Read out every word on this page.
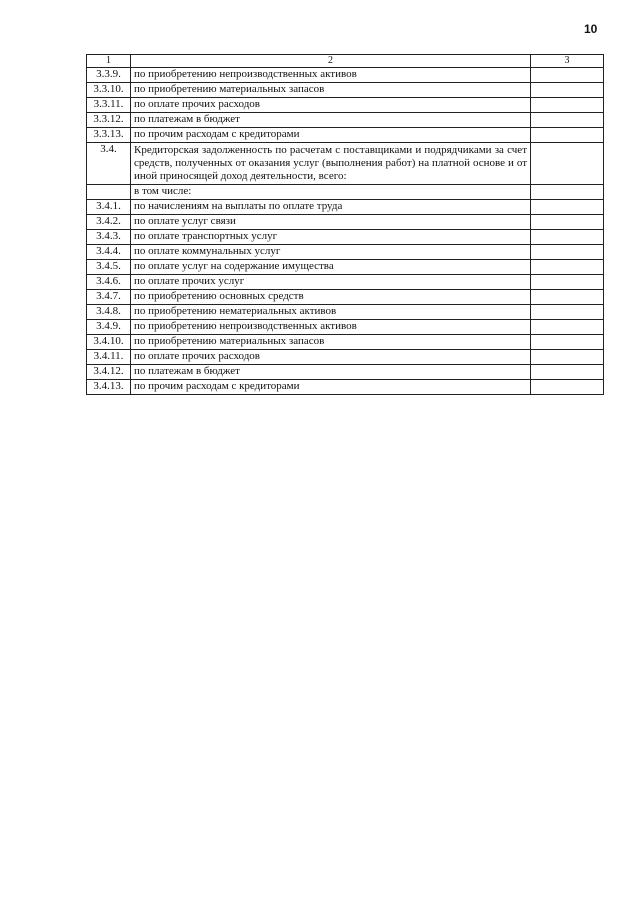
10
1	2	3
3.3.9.	по приобретению непроизводственных активов	
3.3.10.	по приобретению материальных запасов	
3.3.11.	по оплате прочих расходов	
3.3.12.	по платежам в бюджет	
3.3.13.	по прочим расходам с кредиторами	
3.4.	Кредиторская задолженность по расчетам с поставщиками и подрядчиками за счет средств, полученных от оказания услуг (выполнения работ) на платной основе и от иной приносящей доход деятельности, всего:	
	в том числе:	
3.4.1.	по начислениям на выплаты по оплате труда	
3.4.2.	по оплате услуг связи	
3.4.3.	по оплате транспортных услуг	
3.4.4.	по оплате коммунальных услуг	
3.4.5.	по оплате услуг на содержание имущества	
3.4.6.	по оплате прочих услуг	
3.4.7.	по приобретению основных средств	
3.4.8.	по приобретению нематериальных активов	
3.4.9.	по приобретению непроизводственных активов	
3.4.10.	по приобретению материальных запасов	
3.4.11.	по оплате прочих расходов	
3.4.12.	по платежам в бюджет	
3.4.13.	по прочим расходам с кредиторами	
